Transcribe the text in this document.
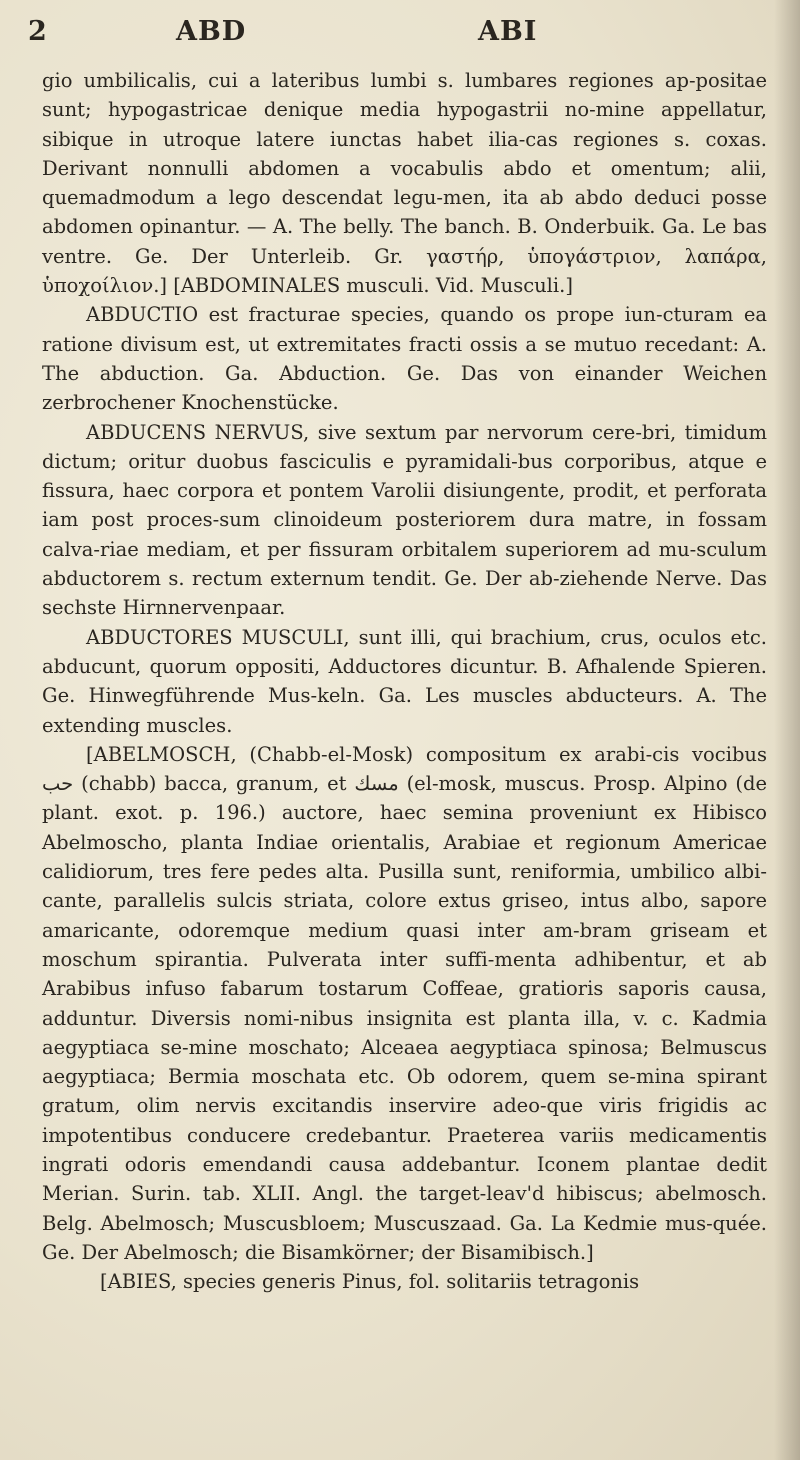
2	ABD	ABI

gio umbilicalis, cui a lateribus lumbi s. lumbares regiones ap-positae sunt; hypogastricae denique media hypogastrii no-mine appellatur, sibique in utroque latere iunctas habet ilia-cas regiones s. coxas. Derivant nonnulli abdomen a vocabulis abdo et omentum; alii, quemadmodum a lego descendat legu-men, ita ab abdo deduci posse abdomen opinantur. — A. The belly. The banch. B. Onderbuik. Ga. Le bas ventre. Ge. Der Unterleib. Gr. γαστήρ, ὑπογάστριον, λαπάρα, ὑποχοίλιον.] [ABDOMINALES musculi. Vid. Musculi.]

ABDUCTIO est fracturae species, quando os prope iun-cturam ea ratione divisum est, ut extremitates fracti ossis a se mutuo recedant: A. The abduction. Ga. Abduction. Ge. Das von einander Weichen zerbrochener Knochenstücke.

ABDUCENS NERVUS, sive sextum par nervorum cere-bri, timidum dictum; oritur duobus fasciculis e pyramidali-bus corporibus, atque e fissura, haec corpora et pontem Varolii disiungente, prodit, et perforata iam post proces-sum clinoideum posteriorem dura matre, in fossam calva-riae mediam, et per fissuram orbitalem superiorem ad mu-sculum abductorem s. rectum externum tendit. Ge. Der ab-ziehende Nerve. Das sechste Hirnnervenpaar.

ABDUCTORES MUSCULI, sunt illi, qui brachium, crus, oculos etc. abducunt, quorum oppositi, Adductores dicuntur. B. Afhalende Spieren. Ge. Hinwegführende Mus-keln. Ga. Les muscles abducteurs. A. The extending muscles.

[ABELMOSCH, (Chabb-el-Mosk) compositum ex arabi-cis vocibus حب (chabb) bacca, granum, et مسك (el-mosk, muscus. Prosp. Alpino (de plant. exot. p. 196.) auctore, haec semina proveniunt ex Hibisco Abelmoscho, planta Indiae orientalis, Arabiae et regionum Americae calidiorum, tres fere pedes alta. Pusilla sunt, reniformia, umbilico albi-cante, parallelis sulcis striata, colore extus griseo, intus albo, sapore amaricante, odoremque medium quasi inter am-bram griseam et moschum spirantia. Pulverata inter suffi-menta adhibentur, et ab Arabibus infuso fabarum tostarum Coffeae, gratioris saporis causa, adduntur. Diversis nomi-nibus insignita est planta illa, v. c. Kadmia aegyptiaca se-mine moschato; Alceaea aegyptiaca spinosa; Belmuscus aegyptiaca; Bermia moschata etc. Ob odorem, quem se-mina spirant gratum, olim nervis excitandis inservire adeo-que viris frigidis ac impotentibus conducere credebantur. Praeterea variis medicamentis ingrati odoris emendandi causa addebantur. Iconem plantae dedit Merian. Surin. tab. XLII. Angl. the target-leav'd hibiscus; abelmosch. Belg. Abelmosch; Muscusbloem; Muscuszaad. Ga. La Kedmie mus-quée. Ge. Der Abelmosch; die Bisamkörner; der Bisamibisch.]

[ABIES, species generis Pinus, fol. solitariis tetragonis
